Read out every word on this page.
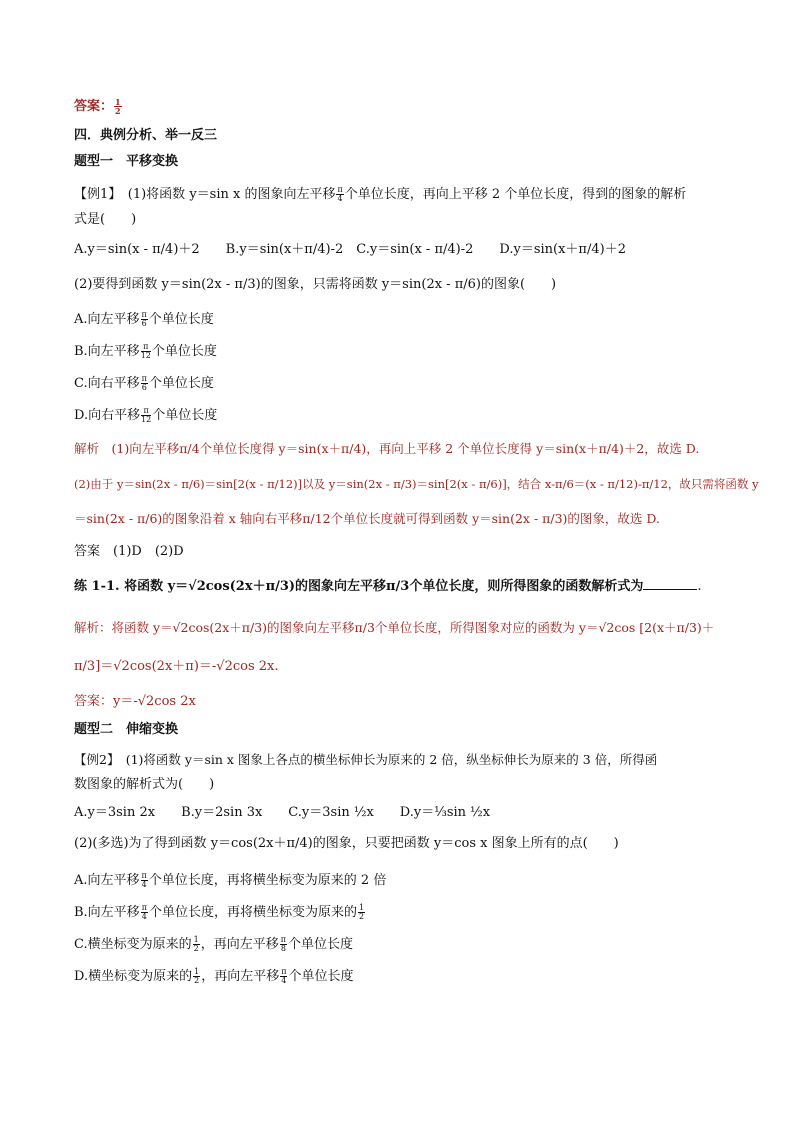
答案： $\frac{1}{2}$
四．典例分析、举一反三
题型一　平移变换
【例1】　(1)将函数 y＝sin x 的图象向左平移 $\frac{\pi}{4}$ 个单位长度，再向上平移 2 个单位长度，得到的图象的解析
式是(　　)
A.y＝sin(x - π/4)＋2　　B.y＝sin(x＋π/4)-2　C.y＝sin(x - π/4)-2　　D.y＝sin(x＋π/4)＋2
(2)要得到函数 y＝sin(2x - π/3)的图象，只需将函数 y＝sin(2x - π/6)的图象(　　)
A.向左平移 $\frac{\pi}{6}$ 个单位长度
B.向左平移 $\frac{\pi}{12}$ 个单位长度
C.向右平移 $\frac{\pi}{6}$ 个单位长度
D.向右平移 $\frac{\pi}{12}$ 个单位长度
解析　(1)向左平移π/4个单位长度得 y＝sin(x＋π/4)，再向上平移 2 个单位长度得 y＝sin(x＋π/4)＋2，故选 D.
(2)由于 y＝sin(2x - π/6)＝sin[2(x - π/12)]以及 y＝sin(2x - π/3)＝sin[2(x - π/6)]，结合 x-π/6＝(x - π/12)-π/12，故只需将函数 y
＝sin(2x - π/6)的图象沿着 x 轴向右平移π/12个单位长度就可得到函数 y＝sin(2x - π/3)的图象，故选 D.
答案　(1)D　(2)D
练 1-1. 将函数 y＝√2cos(2x＋π/3)的图象向左平移π/3个单位长度，则所得图象的函数解析式为	.
解析：将函数 y＝√2cos(2x＋π/3)的图象向左平移π/3个单位长度，所得图象对应的函数为 y＝√2cos [2(x＋π/3)＋
π/3]＝√2cos(2x＋π)＝-√2cos 2x.
答案：y＝-√2cos 2x
题型二　伸缩变换
【例2】　(1)将函数 y＝sin x 图象上各点的横坐标伸长为原来的 2 倍，纵坐标伸长为原来的 3 倍，所得函
数图象的解析式为(　　)
A.y＝3sin 2x　　B.y＝2sin 3x　　C.y＝3sin ½x　　D.y＝⅓sin ½x
(2)(多选)为了得到函数 y＝cos(2x＋π/4)的图象，只要把函数 y＝cos x 图象上所有的点(　　)
A.向左平移 $\frac{\pi}{4}$ 个单位长度，再将横坐标变为原来的 2 倍
B.向左平移 $\frac{\pi}{4}$ 个单位长度，再将横坐标变为原来的 $\frac{1}{2}$
C.横坐标变为原来的 $\frac{1}{2}$ ，再向左平移 $\frac{\pi}{8}$ 个单位长度
D.横坐标变为原来的 $\frac{1}{2}$ ，再向左平移 $\frac{\pi}{4}$ 个单位长度
